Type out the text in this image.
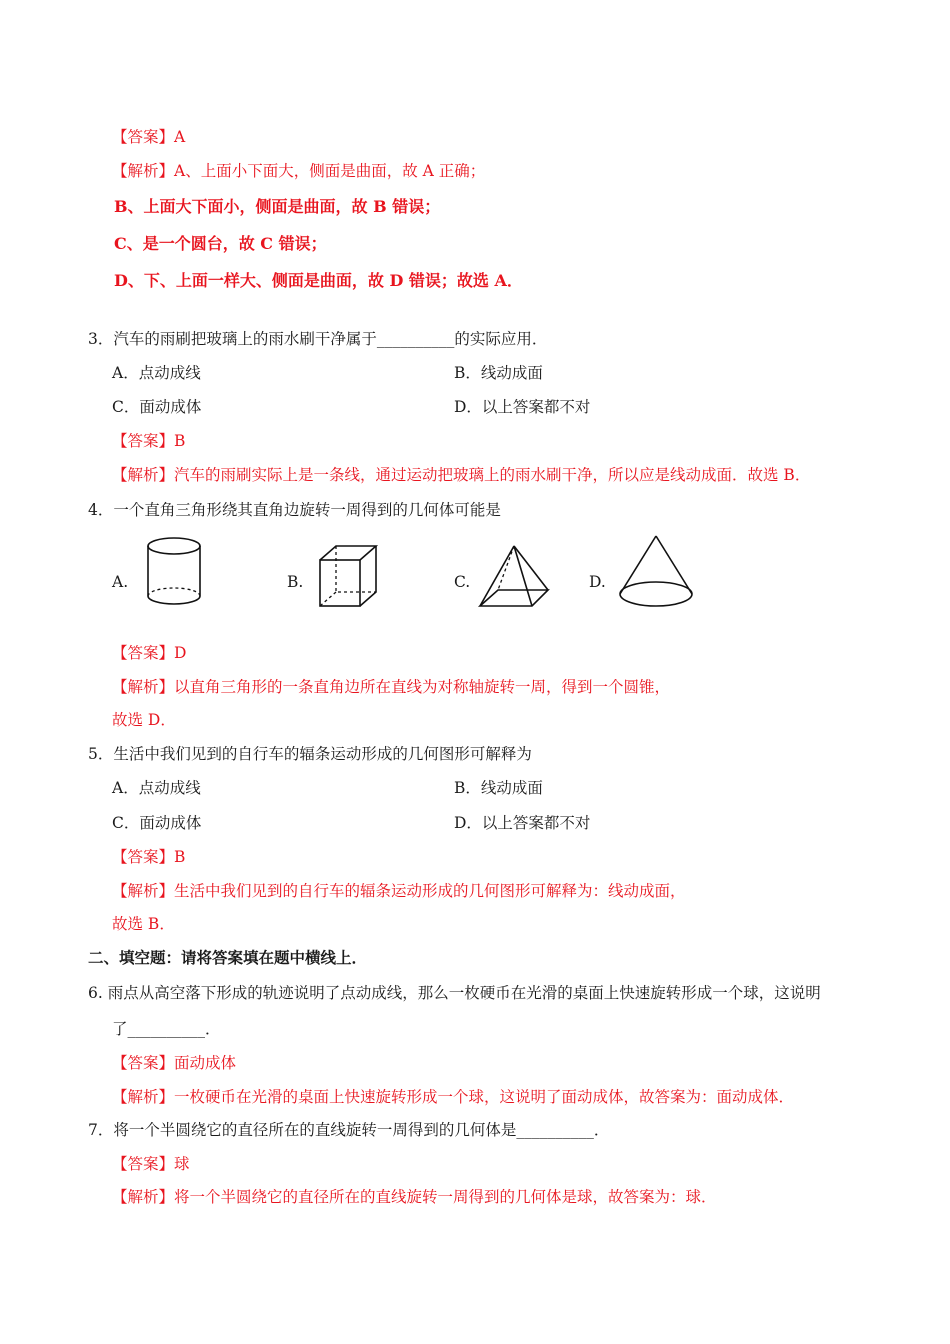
【答案】A
【解析】A、上面小下面大，侧面是曲面，故 A 正确；
B、上面大下面小，侧面是曲面，故 B 错误；
C、是一个圆台，故 C 错误；
D、下、上面一样大、侧面是曲面，故 D 错误；故选 A．
3．汽车的雨刷把玻璃上的雨水刷干净属于__________的实际应用．
A．点动成线	B．线动成面
C．面动成体	D．以上答案都不对
【答案】B
【解析】汽车的雨刷实际上是一条线，通过运动把玻璃上的雨水刷干净，所以应是线动成面．故选 B．
4．一个直角三角形绕其直角边旋转一周得到的几何体可能是
A.	B.	C.	D.
【答案】D
【解析】以直角三角形的一条直角边所在直线为对称轴旋转一周，得到一个圆锥，
故选 D．
5．生活中我们见到的自行车的辐条运动形成的几何图形可解释为
A．点动成线	B．线动成面
C．面动成体	D．以上答案都不对
【答案】B
【解析】生活中我们见到的自行车的辐条运动形成的几何图形可解释为：线动成面，
故选 B．
二、填空题：请将答案填在题中横线上．
6. 雨点从高空落下形成的轨迹说明了点动成线，那么一枚硬币在光滑的桌面上快速旋转形成一个球，这说明
了__________．
【答案】面动成体
【解析】一枚硬币在光滑的桌面上快速旋转形成一个球，这说明了面动成体，故答案为：面动成体．
7．将一个半圆绕它的直径所在的直线旋转一周得到的几何体是__________．
【答案】球
【解析】将一个半圆绕它的直径所在的直线旋转一周得到的几何体是球，故答案为：球．
